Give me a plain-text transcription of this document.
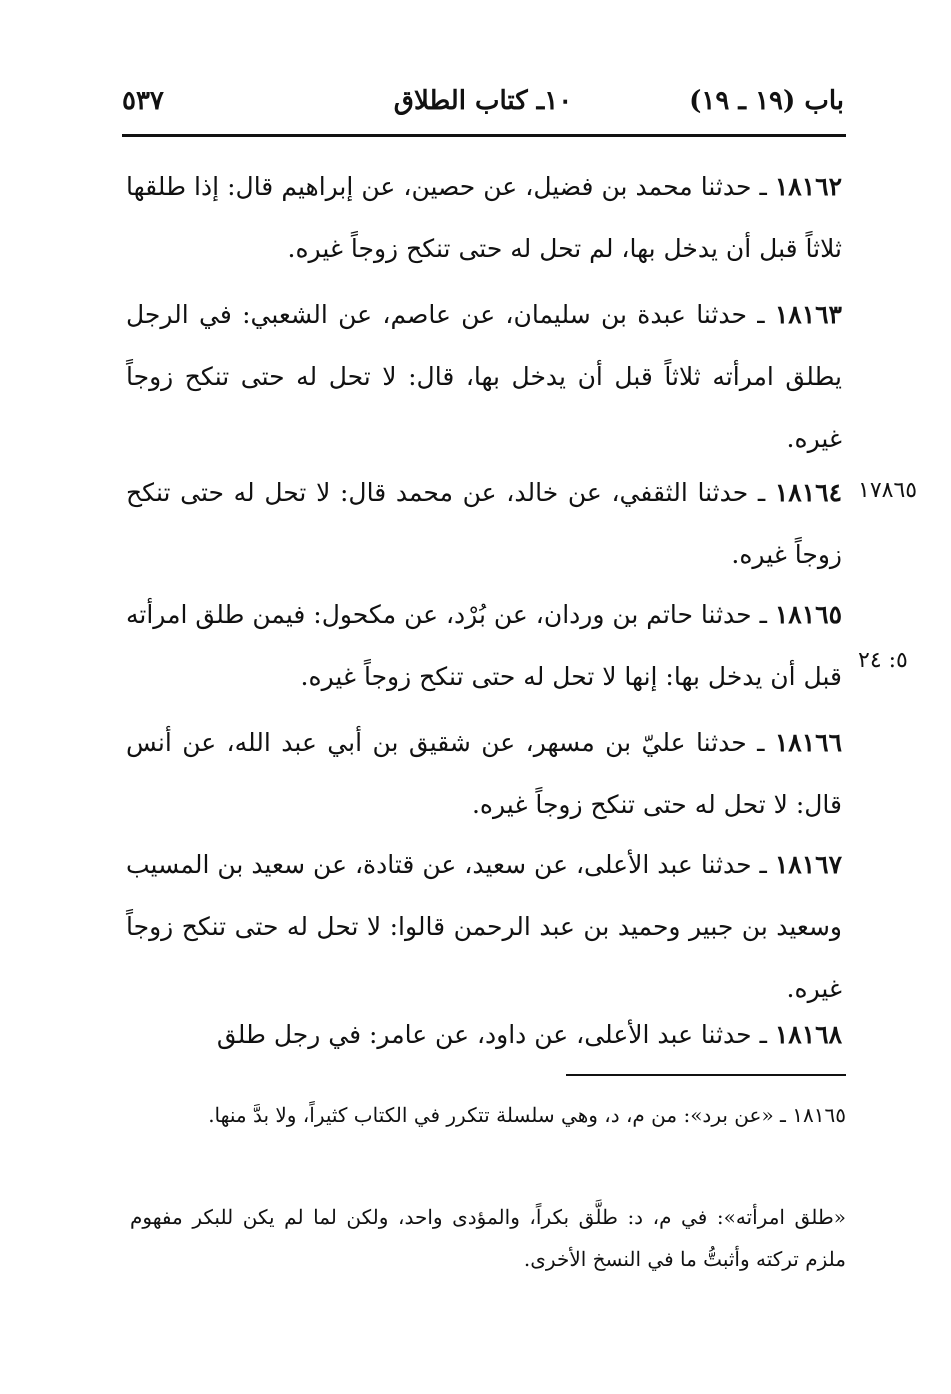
باب (١٩ ـ ١٩)
١٠ـ كتاب الطلاق
٥٣٧
١٨١٦٢ ـ حدثنا محمد بن فضيل، عن حصين، عن إبراهيم قال: إذا طلقها ثلاثاً قبل أن يدخل بها، لم تحل له حتى تنكح زوجاً غيره.
١٨١٦٣ ـ حدثنا عبدة بن سليمان، عن عاصم، عن الشعبي: في الرجل يطلق امرأته ثلاثاً قبل أن يدخل بها، قال: لا تحل له حتى تنكح زوجاً غيره.
١٧٨٦٥
١٨١٦٤ ـ حدثنا الثقفي، عن خالد، عن محمد قال: لا تحل له حتى تنكح زوجاً غيره.
١٨١٦٥ ـ حدثنا حاتم بن وردان، عن بُرْد، عن مكحول: فيمن طلق امرأته قبل أن يدخل بها: إنها لا تحل له حتى تنكح زوجاً غيره.
٥: ٢٤
١٨١٦٦ ـ حدثنا عليّ بن مسهر، عن شقيق بن أبي عبد الله، عن أنس قال: لا تحل له حتى تنكح زوجاً غيره.
١٨١٦٧ ـ حدثنا عبد الأعلى، عن سعيد، عن قتادة، عن سعيد بن المسيب وسعيد بن جبير وحميد بن عبد الرحمن قالوا: لا تحل له حتى تنكح زوجاً غيره.
١٨١٦٨ ـ حدثنا عبد الأعلى، عن داود، عن عامر: في رجل طلق
١٨١٦٥ ـ «عن برد»: من م، د، وهي سلسلة تتكرر في الكتاب كثيراً، ولا بدَّ منها.
«طلق امرأته»: في م، د: طلَّق بكراً، والمؤدى واحد، ولكن لما لم يكن للبكر مفهوم ملزم تركته وأثبتُّ ما في النسخ الأخرى.
